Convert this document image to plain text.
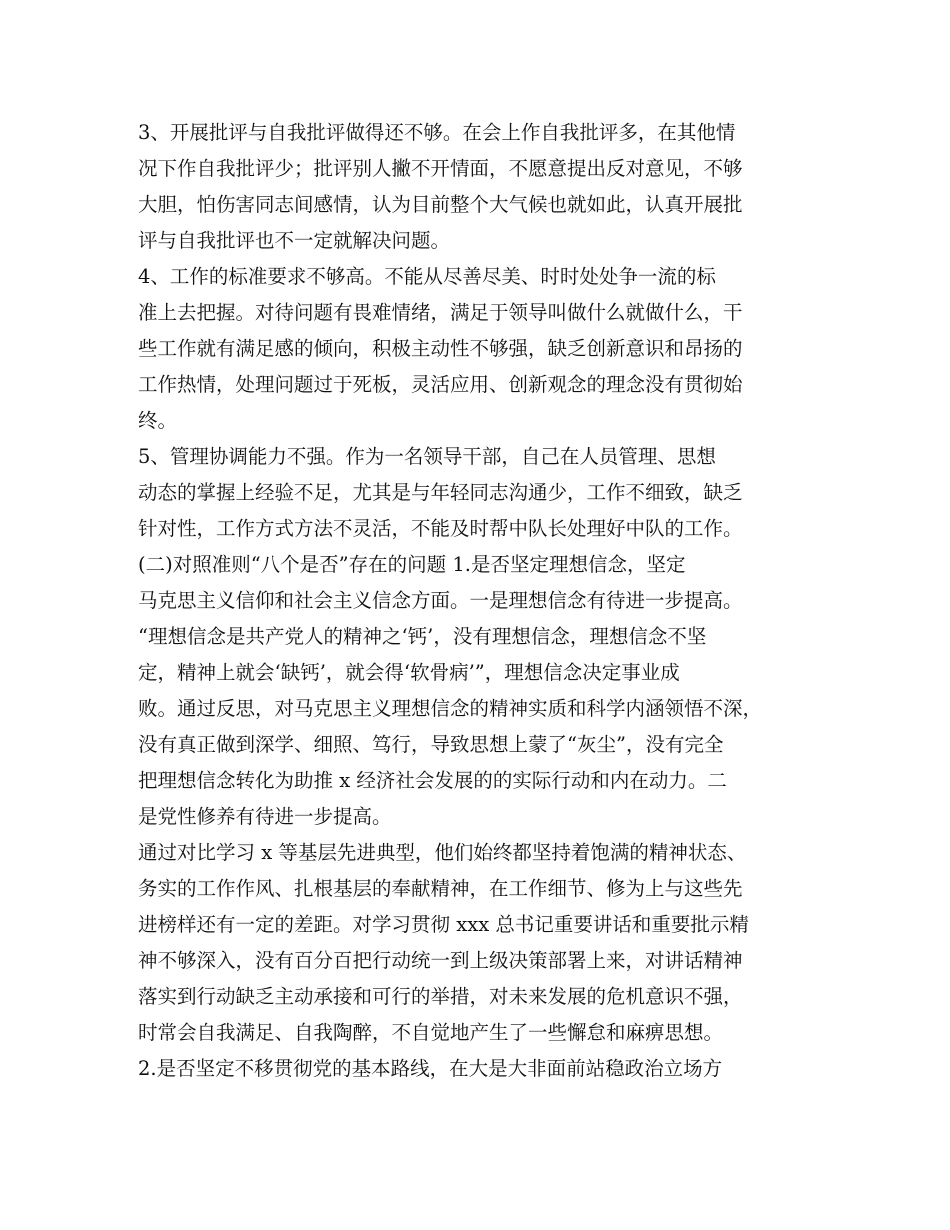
3、开展批评与自我批评做得还不够。在会上作自我批评多，在其他情
况下作自我批评少；批评别人撇不开情面，不愿意提出反对意见，不够
大胆，怕伤害同志间感情，认为目前整个大气候也就如此，认真开展批
评与自我批评也不一定就解决问题。
4、工作的标准要求不够高。不能从尽善尽美、时时处处争一流的标
准上去把握。对待问题有畏难情绪，满足于领导叫做什么就做什么，干
些工作就有满足感的倾向，积极主动性不够强，缺乏创新意识和昂扬的
工作热情，处理问题过于死板，灵活应用、创新观念的理念没有贯彻始
终。
5、管理协调能力不强。作为一名领导干部，自己在人员管理、思想
动态的掌握上经验不足，尤其是与年轻同志沟通少，工作不细致，缺乏
针对性，工作方式方法不灵活，不能及时帮中队长处理好中队的工作。
(二)对照准则“八个是否”存在的问题 1.是否坚定理想信念，坚定
马克思主义信仰和社会主义信念方面。一是理想信念有待进一步提高。
“理想信念是共产党人的精神之‘钙’，没有理想信念，理想信念不坚
定，精神上就会‘缺钙’，就会得‘软骨病’”，理想信念决定事业成
败。通过反思，对马克思主义理想信念的精神实质和科学内涵领悟不深，
没有真正做到深学、细照、笃行，导致思想上蒙了“灰尘”，没有完全
把理想信念转化为助推 x 经济社会发展的的实际行动和内在动力。二
是党性修养有待进一步提高。
通过对比学习 x 等基层先进典型，他们始终都坚持着饱满的精神状态、
务实的工作作风、扎根基层的奉献精神，在工作细节、修为上与这些先
进榜样还有一定的差距。对学习贯彻 xxx 总书记重要讲话和重要批示精
神不够深入，没有百分百把行动统一到上级决策部署上来，对讲话精神
落实到行动缺乏主动承接和可行的举措，对未来发展的危机意识不强，
时常会自我满足、自我陶醉，不自觉地产生了一些懈怠和麻痹思想。
2.是否坚定不移贯彻党的基本路线，在大是大非面前站稳政治立场方
